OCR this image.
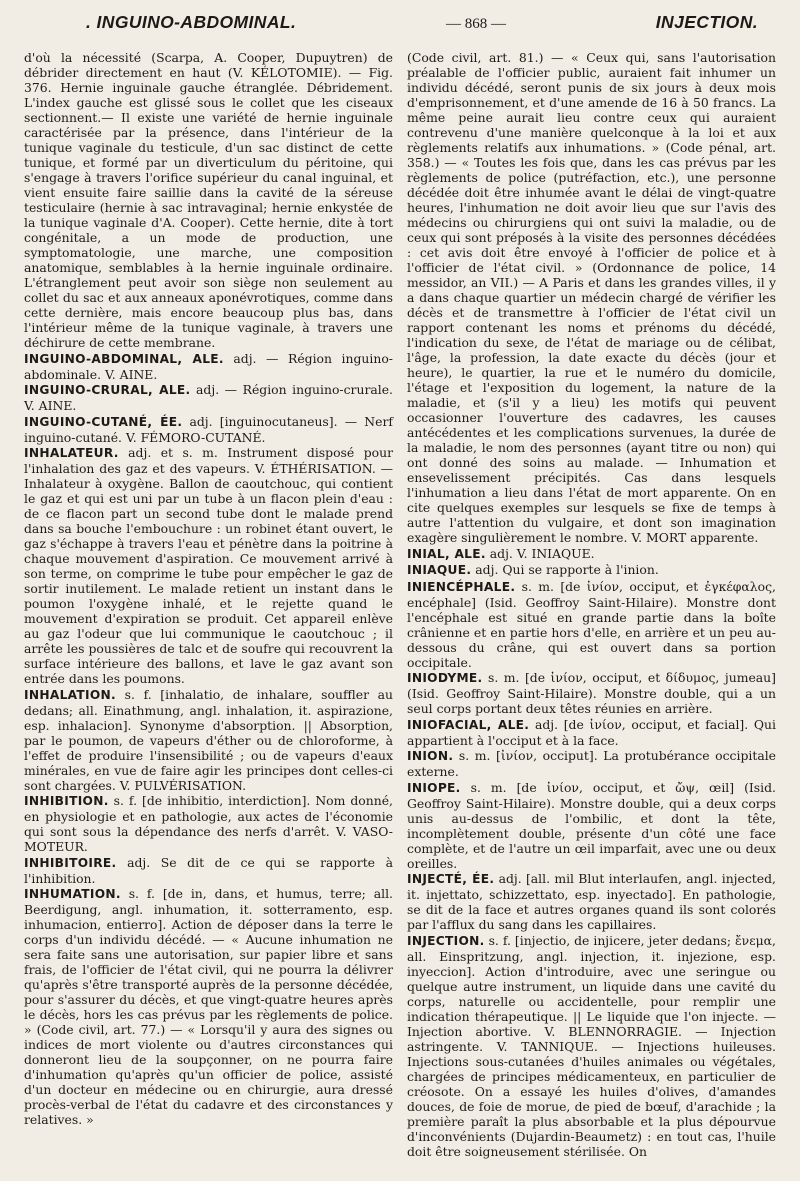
. INGUINO-ABDOMINAL.	— 868 —	INJECTION.

d'où la nécessité (Scarpa, A. Cooper, Dupuytren) de débrider directement en haut (V. KÉLOTOMIE). — Fig. 376. Hernie inguinale gauche étranglée. Débridement. L'index gauche est glissé sous le collet que les ciseaux sectionnent.— Il existe une variété de hernie inguinale caractérisée par la présence, dans l'intérieur de la tunique vaginale du testicule, d'un sac distinct de cette tunique, et formé par un diverticulum du péritoine, qui s'engage à travers l'orifice supérieur du canal inguinal, et vient ensuite faire saillie dans la cavité de la séreuse testiculaire (hernie à sac intravaginal; hernie enkystée de la tunique vaginale d'A. Cooper). Cette hernie, dite à tort congénitale, a un mode de production, une symptomatologie, une marche, une composition anatomique, semblables à la hernie inguinale ordinaire. L'étranglement peut avoir son siège non seulement au collet du sac et aux anneaux aponévrotiques, comme dans cette dernière, mais encore beaucoup plus bas, dans l'intérieur même de la tunique vaginale, à travers une déchirure de cette membrane.

INGUINO-ABDOMINAL, ALE. adj. — Région inguino-abdominale. V. AINE.

INGUINO-CRURAL, ALE. adj. — Région inguino-crurale. V. AINE.

INGUINO-CUTANÉ, ÉE. adj. [inguinocutaneus]. — Nerf inguino-cutané. V. FÉMORO-CUTANÉ.

INHALATEUR. adj. et s. m. Instrument disposé pour l'inhalation des gaz et des vapeurs. V. ÉTHÉRISATION. — Inhalateur à oxygène. Ballon de caoutchouc, qui contient le gaz et qui est uni par un tube à un flacon plein d'eau : de ce flacon part un second tube dont le malade prend dans sa bouche l'embouchure : un robinet étant ouvert, le gaz s'échappe à travers l'eau et pénètre dans la poitrine à chaque mouvement d'aspiration. Ce mouvement arrivé à son terme, on comprime le tube pour empêcher le gaz de sortir inutilement. Le malade retient un instant dans le poumon l'oxygène inhalé, et le rejette quand le mouvement d'expiration se produit. Cet appareil enlève au gaz l'odeur que lui communique le caoutchouc ; il arrête les poussières de talc et de soufre qui recouvrent la surface intérieure des ballons, et lave le gaz avant son entrée dans les poumons.

INHALATION. s. f. [inhalatio, de inhalare, souffler au dedans; all. Einathmung, angl. inhalation, it. aspirazione, esp. inhalacion]. Synonyme d'absorption. || Absorption, par le poumon, de vapeurs d'éther ou de chloroforme, à l'effet de produire l'insensibilité ; ou de vapeurs d'eaux minérales, en vue de faire agir les principes dont celles-ci sont chargées. V. PULVÉRISATION.

INHIBITION. s. f. [de inhibitio, interdiction]. Nom donné, en physiologie et en pathologie, aux actes de l'économie qui sont sous la dépendance des nerfs d'arrêt. V. VASO-MOTEUR.

INHIBITOIRE. adj. Se dit de ce qui se rapporte à l'inhibition.

INHUMATION. s. f. [de in, dans, et humus, terre; all. Beerdigung, angl. inhumation, it. sotterramento, esp. inhumacion, entierro]. Action de déposer dans la terre le corps d'un individu décédé. — « Aucune inhumation ne sera faite sans une autorisation, sur papier libre et sans frais, de l'officier de l'état civil, qui ne pourra la délivrer qu'après s'être transporté auprès de la personne décédée, pour s'assurer du décès, et que vingt-quatre heures après le décès, hors les cas prévus par les règlements de police. » (Code civil, art. 77.) — « Lorsqu'il y aura des signes ou indices de mort violente ou d'autres circonstances qui donneront lieu de la soupçonner, on ne pourra faire d'inhumation qu'après qu'un officier de police, assisté d'un docteur en médecine ou en chirurgie, aura dressé procès-verbal de l'état du cadavre et des circonstances y relatives. »

(Code civil, art. 81.) — « Ceux qui, sans l'autorisation préalable de l'officier public, auraient fait inhumer un individu décédé, seront punis de six jours à deux mois d'emprisonnement, et d'une amende de 16 à 50 francs. La même peine aurait lieu contre ceux qui auraient contrevenu d'une manière quelconque à la loi et aux règlements relatifs aux inhumations. » (Code pénal, art. 358.) — « Toutes les fois que, dans les cas prévus par les règlements de police (putréfaction, etc.), une personne décédée doit être inhumée avant le délai de vingt-quatre heures, l'inhumation ne doit avoir lieu que sur l'avis des médecins ou chirurgiens qui ont suivi la maladie, ou de ceux qui sont préposés à la visite des personnes décédées : cet avis doit être envoyé à l'officier de police et à l'officier de l'état civil. » (Ordonnance de police, 14 messidor, an VII.) — A Paris et dans les grandes villes, il y a dans chaque quartier un médecin chargé de vérifier les décès et de transmettre à l'officier de l'état civil un rapport contenant les noms et prénoms du décédé, l'indication du sexe, de l'état de mariage ou de célibat, l'âge, la profession, la date exacte du décès (jour et heure), le quartier, la rue et le numéro du domicile, l'étage et l'exposition du logement, la nature de la maladie, et (s'il y a lieu) les motifs qui peuvent occasionner l'ouverture des cadavres, les causes antécédentes et les complications survenues, la durée de la maladie, le nom des personnes (ayant titre ou non) qui ont donné des soins au malade. — Inhumation et ensevelissement précipités. Cas dans lesquels l'inhumation a lieu dans l'état de mort apparente. On en cite quelques exemples sur lesquels se fixe de temps à autre l'attention du vulgaire, et dont son imagination exagère singulièrement le nombre. V. MORT apparente.

INIAL, ALE. adj. V. INIAQUE.

INIAQUE. adj. Qui se rapporte à l'inion.

INIENCÉPHALE. s. m. [de ἰνίον, occiput, et ἐγκέφαλος, encéphale] (Isid. Geoffroy Saint-Hilaire). Monstre dont l'encéphale est situé en grande partie dans la boîte crânienne et en partie hors d'elle, en arrière et un peu au-dessous du crâne, qui est ouvert dans sa portion occipitale.

INIODYME. s. m. [de ἰνίον, occiput, et δίδυμος, jumeau] (Isid. Geoffroy Saint-Hilaire). Monstre double, qui a un seul corps portant deux têtes réunies en arrière.

INIOFACIAL, ALE. adj. [de ἰνίον, occiput, et facial]. Qui appartient à l'occiput et à la face.

INION. s. m. [ἰνίον, occiput]. La protubérance occipitale externe.

INIOPE. s. m. [de ἰνίον, occiput, et ὤψ, œil] (Isid. Geoffroy Saint-Hilaire). Monstre double, qui a deux corps unis au-dessus de l'ombilic, et dont la tête, incomplètement double, présente d'un côté une face complète, et de l'autre un œil imparfait, avec une ou deux oreilles.

INJECTÉ, ÉE. adj. [all. mil Blut interlaufen, angl. injected, it. injettato, schizzettato, esp. inyectado]. En pathologie, se dit de la face et autres organes quand ils sont colorés par l'afflux du sang dans les capillaires.

INJECTION. s. f. [injectio, de injicere, jeter dedans; ἔνεμα, all. Einspritzung, angl. injection, it. injezione, esp. inyeccion]. Action d'introduire, avec une seringue ou quelque autre instrument, un liquide dans une cavité du corps, naturelle ou accidentelle, pour remplir une indication thérapeutique. || Le liquide que l'on injecte. — Injection abortive. V. BLENNORRAGIE. — Injection astringente. V. TANNIQUE. — Injections huileuses. Injections sous-cutanées d'huiles animales ou végétales, chargées de principes médicamenteux, en particulier de créosote. On a essayé les huiles d'olives, d'amandes douces, de foie de morue, de pied de bœuf, d'arachide ; la première paraît la plus absorbable et la plus dépourvue d'inconvénients (Dujardin-Beaumetz) : en tout cas, l'huile doit être soigneusement stérilisée. On
